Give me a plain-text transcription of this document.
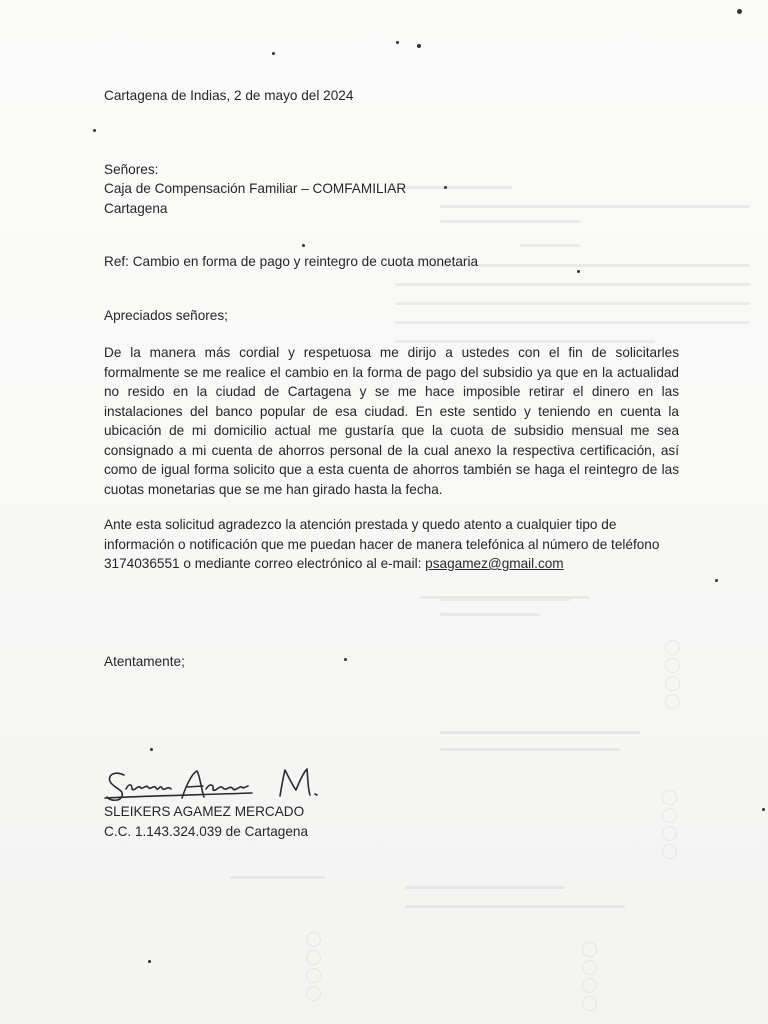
Cartagena de Indias, 2 de mayo del 2024

Señores:

Caja de Compensación Familiar – COMFAMILIAR

Cartagena

Ref: Cambio en forma de pago y reintegro de cuota monetaria

Apreciados señores;

De la manera más cordial y respetuosa me dirijo a ustedes con el fin de solicitarles formalmente se me realice el cambio en la forma de pago del subsidio ya que en la actualidad no resido en la ciudad de Cartagena y se me hace imposible retirar el dinero en las instalaciones del banco popular de esa ciudad. En este sentido y teniendo en cuenta la ubicación de mi domicilio actual me gustaría que la cuota de subsidio mensual me sea consignado a mi cuenta de ahorros personal de la cual anexo la respectiva certificación, así como de igual forma solicito que a esta cuenta de ahorros también se haga el reintegro de las cuotas monetarias que se me han girado hasta la fecha.

Ante esta solicitud agradezco la atención prestada y quedo atento a cualquier tipo de información o notificación que me puedan hacer de manera telefónica al número de teléfono 3174036551 o mediante correo electrónico al e-mail: psagamez@gmail.com

Atentamente;

SLEIKERS AGAMEZ MERCADO

C.C. 1.143.324.039 de Cartagena
